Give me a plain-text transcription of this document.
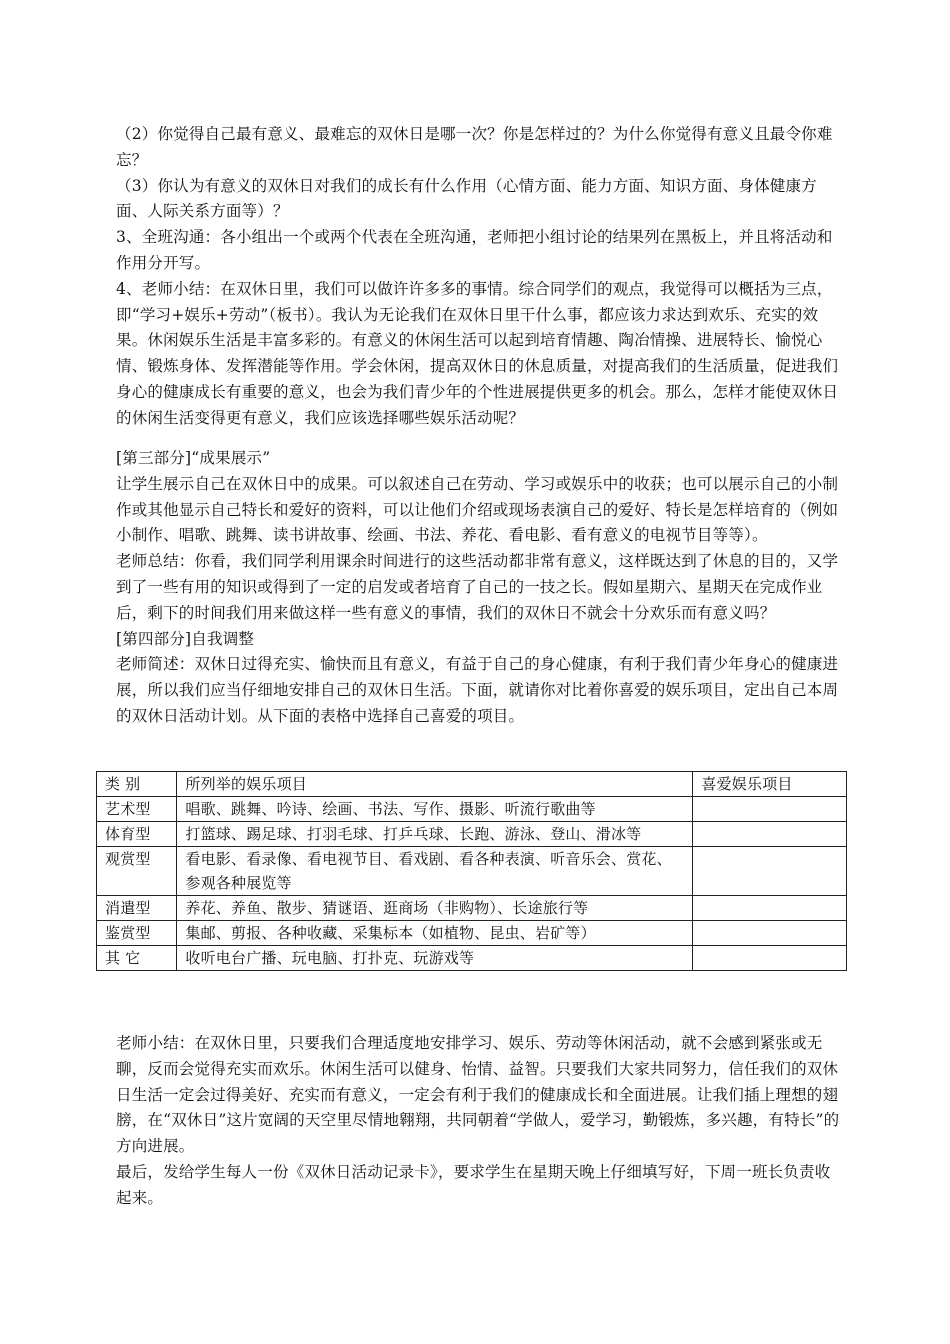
（2）你觉得自己最有意义、最难忘的双休日是哪一次？你是怎样过的？为什么你觉得有意义且最令你难忘？

（3）你认为有意义的双休日对我们的成长有什么作用（心情方面、能力方面、知识方面、身体健康方面、人际关系方面等）？

3、全班沟通：各小组出一个或两个代表在全班沟通，老师把小组讨论的结果列在黑板上，并且将活动和作用分开写。

4、老师小结：在双休日里，我们可以做许许多多的事情。综合同学们的观点，我觉得可以概括为三点，即“学习+娱乐+劳动”（板书）。我认为无论我们在双休日里干什么事，都应该力求达到欢乐、充实的效果。休闲娱乐生活是丰富多彩的。有意义的休闲生活可以起到培育情趣、陶冶情操、进展特长、愉悦心情、锻炼身体、发挥潜能等作用。学会休闲，提高双休日的休息质量，对提高我们的生活质量，促进我们身心的健康成长有重要的意义，也会为我们青少年的个性进展提供更多的机会。那么，怎样才能使双休日的休闲生活变得更有意义，我们应该选择哪些娱乐活动呢？

[第三部分]“成果展示”

让学生展示自己在双休日中的成果。可以叙述自己在劳动、学习或娱乐中的收获；也可以展示自己的小制作或其他显示自己特长和爱好的资料，可以让他们介绍或现场表演自己的爱好、特长是怎样培育的（例如小制作、唱歌、跳舞、读书讲故事、绘画、书法、养花、看电影、看有意义的电视节目等等）。

老师总结：你看，我们同学利用课余时间进行的这些活动都非常有意义，这样既达到了休息的目的，又学到了一些有用的知识或得到了一定的启发或者培育了自己的一技之长。假如星期六、星期天在完成作业后，剩下的时间我们用来做这样一些有意义的事情，我们的双休日不就会十分欢乐而有意义吗？

[第四部分]自我调整

老师简述：双休日过得充实、愉快而且有意义，有益于自己的身心健康，有利于我们青少年身心的健康进展，所以我们应当仔细地安排自己的双休日生活。下面，就请你对比着你喜爱的娱乐项目，定出自己本周的双休日活动计划。从下面的表格中选择自己喜爱的项目。

类 别	所列举的娱乐项目	喜爱娱乐项目
艺术型	唱歌、跳舞、吟诗、绘画、书法、写作、摄影、听流行歌曲等	
体育型	打篮球、踢足球、打羽毛球、打乒乓球、长跑、游泳、登山、滑冰等	
观赏型	看电影、看录像、看电视节目、看戏剧、看各种表演、听音乐会、赏花、参观各种展览等	
消遣型	养花、养鱼、散步、猜谜语、逛商场（非购物）、长途旅行等	
鉴赏型	集邮、剪报、各种收藏、采集标本（如植物、昆虫、岩矿等）	
其 它	收听电台广播、玩电脑、打扑克、玩游戏等	

老师小结：在双休日里，只要我们合理适度地安排学习、娱乐、劳动等休闲活动，就不会感到紧张或无聊，反而会觉得充实而欢乐。休闲生活可以健身、怡情、益智。只要我们大家共同努力，信任我们的双休日生活一定会过得美好、充实而有意义，一定会有利于我们的健康成长和全面进展。让我们插上理想的翅膀，在“双休日”这片宽阔的天空里尽情地翱翔，共同朝着“学做人，爱学习，勤锻炼，多兴趣，有特长”的方向进展。

最后，发给学生每人一份《双休日活动记录卡》，要求学生在星期天晚上仔细填写好，下周一班长负责收起来。
